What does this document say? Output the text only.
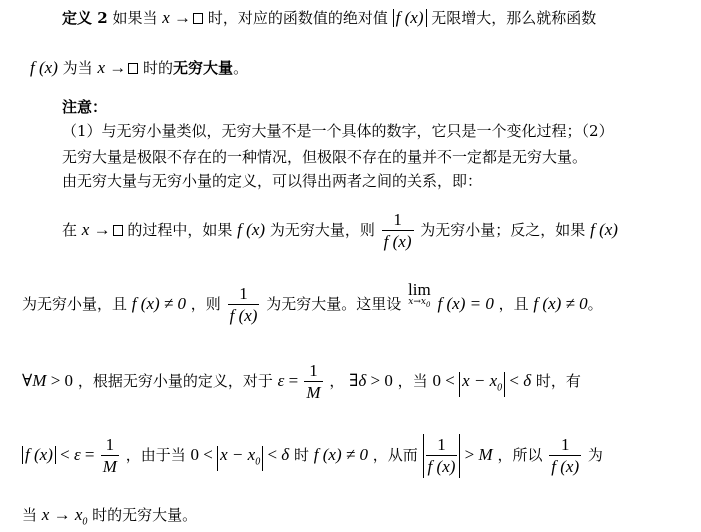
定义 2 如果当 x → 时，对应的函数值的绝对值 f (x) 无限增大，那么就称函数
f (x) 为当 x → 时的无穷大量。
注意：
（1）与无穷小量类似，无穷大量不是一个具体的数字，它只是一个变化过程；（2）
无穷大量是极限不存在的一种情况，但极限不存在的量并不一定都是无穷大量。
由无穷大量与无穷小量的定义，可以得出两者之间的关系，即：
在 x → 的过程中，如果 f (x) 为无穷大量，则 $\frac{1}{f (x)}$ 为无穷小量；反之，如果 f (x)
为无穷小量，且 f (x) ≠ 0 ，则 $\frac{1}{f (x)}$ 为无穷大量。这里设 lim
$x\to x_0$ f (x) = 0 ，且 f (x) ≠ 0。
∀M > 0 ，根据无穷小量的定义，对于 $\varepsilon = \frac{1}{M}$ ， ∃δ > 0 ，当 $0 < x - x_0 < \delta$ 时，有
f $(x) < \varepsilon = \frac{1}{M}$ ，由于当 $0 < x - x_0 < \delta$ 时 f (x) ≠ 0 ，从而 $\frac{1}{f (x)} > M$ ，所以 $\frac{1}{f (x)}$ 为
当 $x \to x_0$ 时的无穷大量。
